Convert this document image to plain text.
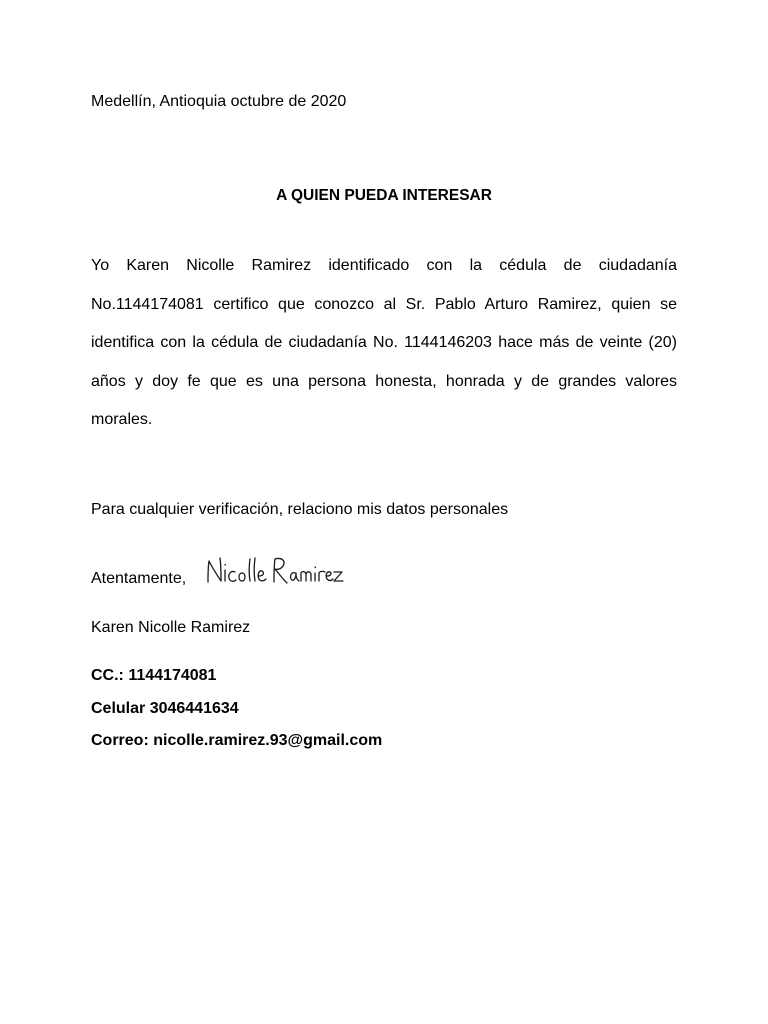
Medellín, Antioquia octubre de 2020
A QUIEN PUEDA INTERESAR

Yo Karen Nicolle Ramirez identificado con la cédula de ciudadanía No.1144174081 certifico que conozco al Sr. Pablo Arturo Ramirez, quien se identifica con la cédula de ciudadanía No. 1144146203 hace más de veinte (20) años y doy fe que es una persona honesta, honrada y de grandes valores morales.

Para cualquier verificación, relaciono mis datos personales
Atentamente,
Karen Nicolle Ramirez
CC.: 1144174081
Celular 3046441634
Correo: nicolle.ramirez.93@gmail.com
